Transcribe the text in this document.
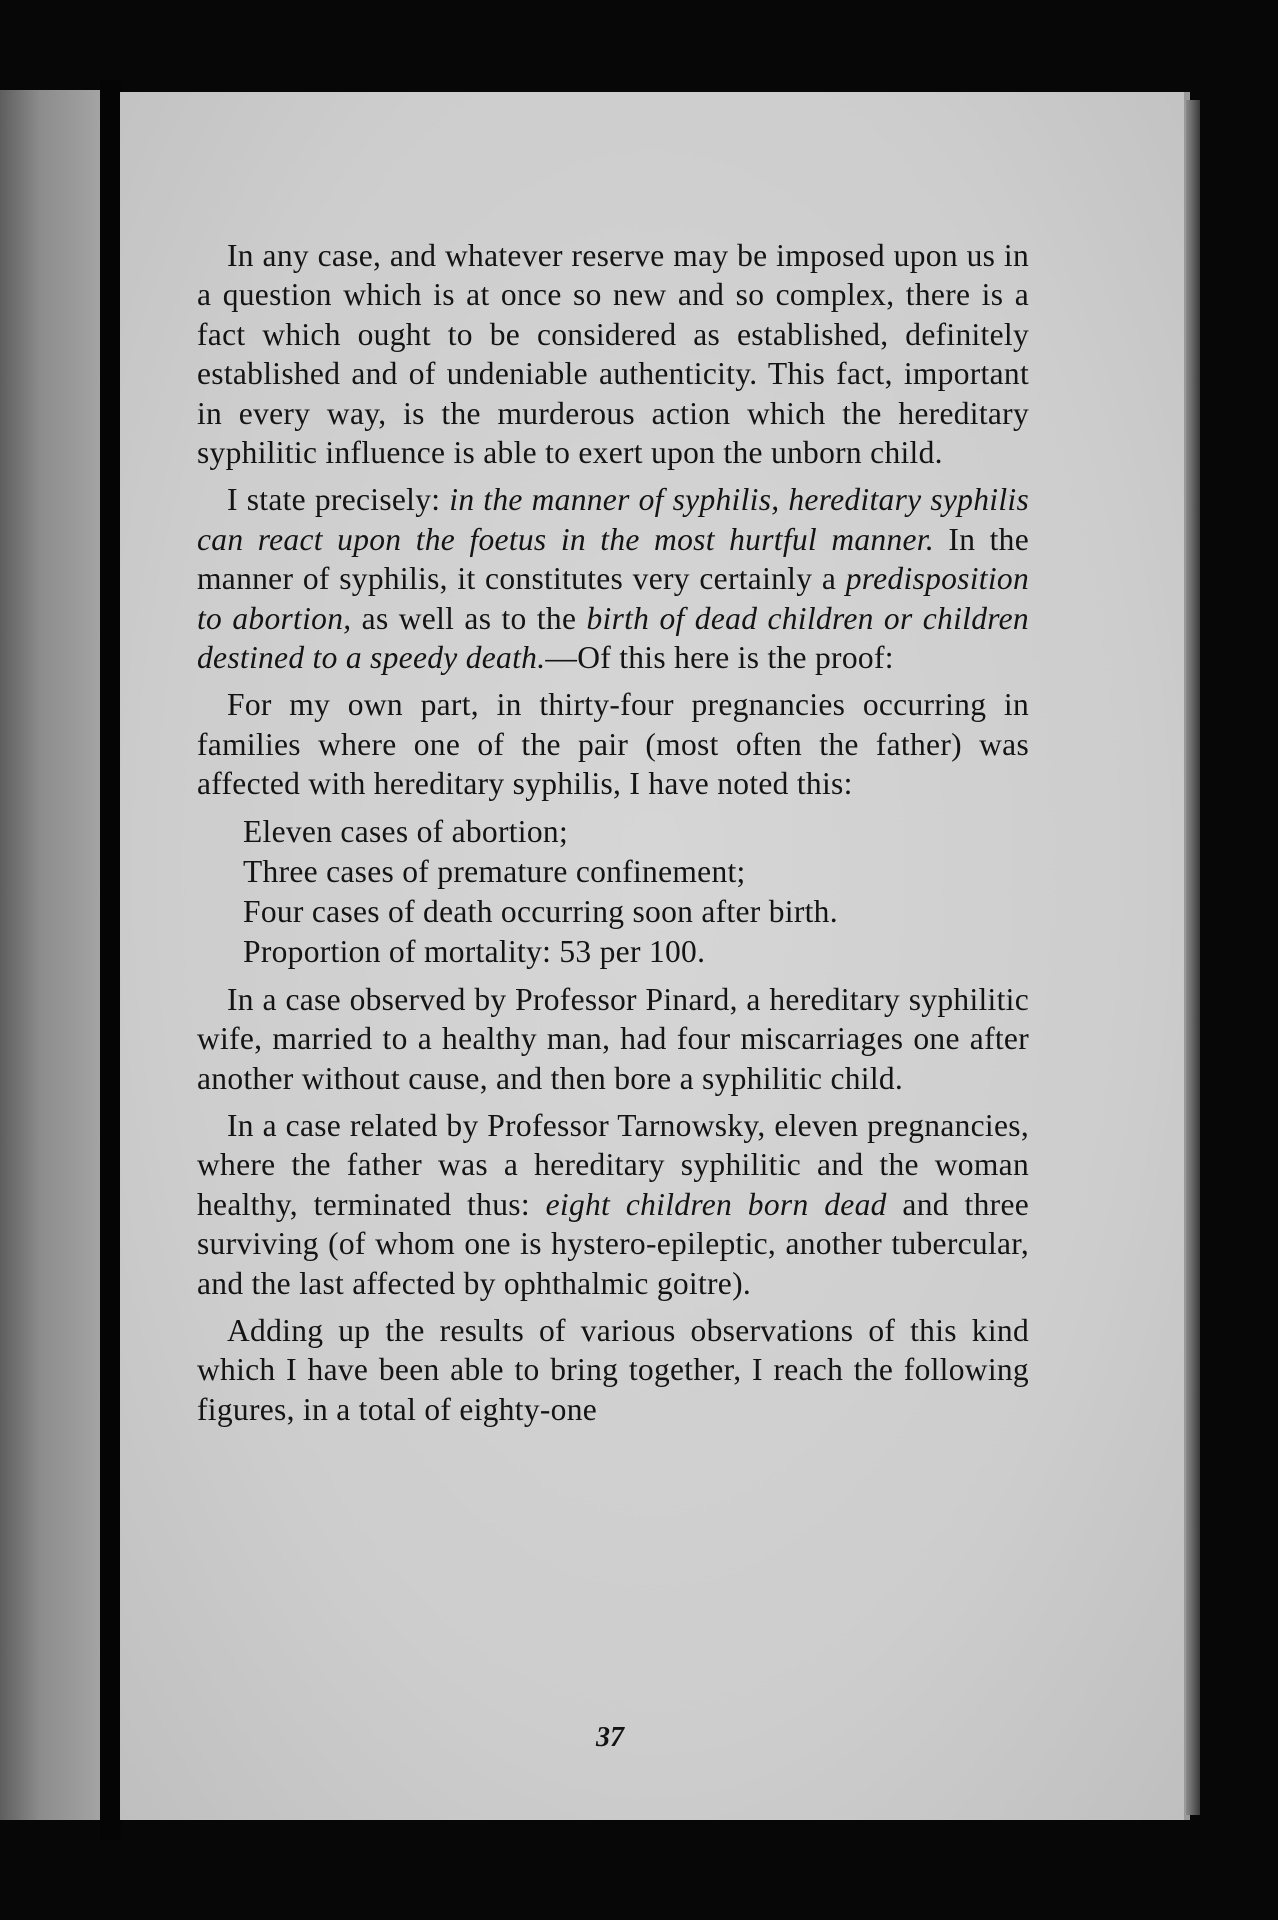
In any case, and whatever reserve may be imposed upon us in a question which is at once so new and so complex, there is a fact which ought to be considered as established, definitely established and of undeniable authenticity. This fact, important in every way, is the murderous action which the hereditary syphilitic influence is able to exert upon the unborn child.

I state precisely: in the manner of syphilis, hereditary syphilis can react upon the foetus in the most hurtful manner. In the manner of syphilis, it constitutes very certainly a predisposition to abortion, as well as to the birth of dead children or children destined to a speedy death.—Of this here is the proof:

For my own part, in thirty-four pregnancies occurring in families where one of the pair (most often the father) was affected with hereditary syphilis, I have noted this:

Eleven cases of abortion;
Three cases of premature confinement;
Four cases of death occurring soon after birth.
Proportion of mortality: 53 per 100.

In a case observed by Professor Pinard, a hereditary syphilitic wife, married to a healthy man, had four miscarriages one after another without cause, and then bore a syphilitic child.

In a case related by Professor Tarnowsky, eleven pregnancies, where the father was a hereditary syphilitic and the woman healthy, terminated thus: eight children born dead and three surviving (of whom one is hystero-epileptic, another tubercular, and the last affected by ophthalmic goitre).

Adding up the results of various observations of this kind which I have been able to bring together, I reach the following figures, in a total of eighty-one

37
